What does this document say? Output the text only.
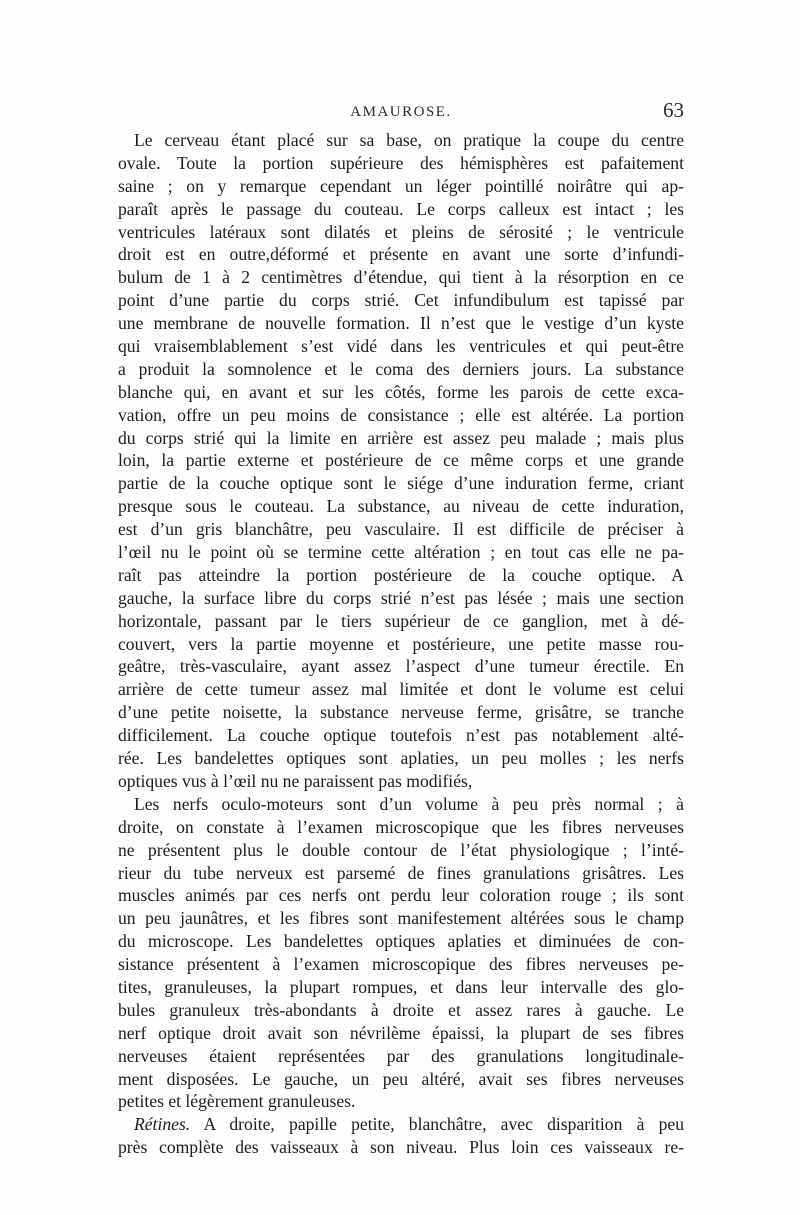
AMAUROSE.	63
Le cerveau étant placé sur sa base, on pratique la coupe du centre
ovale. Toute la portion supérieure des hémisphères est pafaitement
saine ; on y remarque cependant un léger pointillé noirâtre qui ap-
paraît après le passage du couteau. Le corps calleux est intact ; les
ventricules latéraux sont dilatés et pleins de sérosité ; le ventricule
droit est en outre,déformé et présente en avant une sorte d’infundi-
bulum de 1 à 2 centimètres d’étendue, qui tient à la résorption en ce
point d’une partie du corps strié. Cet infundibulum est tapissé par
une membrane de nouvelle formation. Il n’est que le vestige d’un kyste
qui vraisemblablement s’est vidé dans les ventricules et qui peut-être
a produit la somnolence et le coma des derniers jours. La substance
blanche qui, en avant et sur les côtés, forme les parois de cette exca-
vation, offre un peu moins de consistance ; elle est altérée. La portion
du corps strié qui la limite en arrière est assez peu malade ; mais plus
loin, la partie externe et postérieure de ce même corps et une grande
partie de la couche optique sont le siége d’une induration ferme, criant
presque sous le couteau. La substance, au niveau de cette induration,
est d’un gris blanchâtre, peu vasculaire. Il est difficile de préciser à
l’œil nu le point où se termine cette altération ; en tout cas elle ne pa-
raît pas atteindre la portion postérieure de la couche optique. A
gauche, la surface libre du corps strié n’est pas lésée ; mais une section
horizontale, passant par le tiers supérieur de ce ganglion, met à dé-
couvert, vers la partie moyenne et postérieure, une petite masse rou-
geâtre, très-vasculaire, ayant assez l’aspect d’une tumeur érectile. En
arrière de cette tumeur assez mal limitée et dont le volume est celui
d’une petite noisette, la substance nerveuse ferme, grisâtre, se tranche
difficilement. La couche optique toutefois n’est pas notablement alté-
rée. Les bandelettes optiques sont aplaties, un peu molles ; les nerfs
optiques vus à l’œil nu ne paraissent pas modifiés,
Les nerfs oculo-moteurs sont d’un volume à peu près normal ; à
droite, on constate à l’examen microscopique que les fibres nerveuses
ne présentent plus le double contour de l’état physiologique ; l’inté-
rieur du tube nerveux est parsemé de fines granulations grisâtres. Les
muscles animés par ces nerfs ont perdu leur coloration rouge ; ils sont
un peu jaunâtres, et les fibres sont manifestement altérées sous le champ
du microscope. Les bandelettes optiques aplaties et diminuées de con-
sistance présentent à l’examen microscopique des fibres nerveuses pe-
tites, granuleuses, la plupart rompues, et dans leur intervalle des glo-
bules granuleux très-abondants à droite et assez rares à gauche. Le
nerf optique droit avait son névrilème épaissi, la plupart de ses fibres
nerveuses étaient représentées par des granulations longitudinale-
ment disposées. Le gauche, un peu altéré, avait ses fibres nerveuses
petites et légèrement granuleuses.
Rétines. A droite, papille petite, blanchâtre, avec disparition à peu
près complète des vaisseaux à son niveau. Plus loin ces vaisseaux re-
